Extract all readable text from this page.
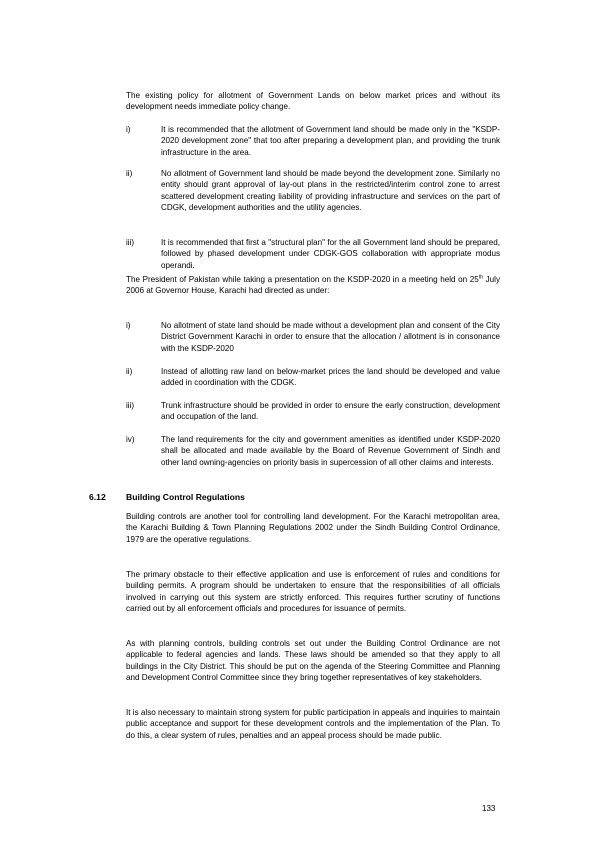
The existing policy for allotment of Government Lands on below market prices and without its development needs immediate policy change.
i)	It is recommended that the allotment of Government land should be made only in the "KSDP-2020 development zone" that too after preparing a development plan, and providing the trunk infrastructure in the area.
ii)	No allotment of Government land should be made beyond the development zone. Similarly no entity should grant approval of lay-out plans in the restricted/interim control zone to arrest scattered development creating liability of providing infrastructure and services on the part of CDGK, development authorities and the utility agencies.
iii)	It is recommended that first a "structural plan" for the all Government land should be prepared, followed by phased development under CDGK-GOS collaboration with appropriate modus operandi.
The President of Pakistan while taking a presentation on the KSDP-2020 in a meeting held on 25th July 2006 at Governor House, Karachi had directed as under:
i)	No allotment of state land should be made without a development plan and consent of the City District Government Karachi in order to ensure that the allocation / allotment is in consonance with the KSDP-2020
ii)	Instead of allotting raw land on below-market prices the land should be developed and value added in coordination with the CDGK.
iii)	Trunk infrastructure should be provided in order to ensure the early construction, development and occupation of the land.
iv)	The land requirements for the city and government amenities as identified under KSDP-2020 shall be allocated and made available by the Board of Revenue Government of Sindh and other land owning-agencies on priority basis in supercession of all other claims and interests.
6.12 Building Control Regulations
Building controls are another tool for controlling land development. For the Karachi metropolitan area, the Karachi Building & Town Planning Regulations 2002 under the Sindh Building Control Ordinance, 1979 are the operative regulations.
The primary obstacle to their effective application and use is enforcement of rules and conditions for building permits. A program should be undertaken to ensure that the responsibilities of all officials involved in carrying out this system are strictly enforced. This requires further scrutiny of functions carried out by all enforcement officials and procedures for issuance of permits.
As with planning controls, building controls set out under the Building Control Ordinance are not applicable to federal agencies and lands. These laws should be amended so that they apply to all buildings in the City District. This should be put on the agenda of the Steering Committee and Planning and Development Control Committee since they bring together representatives of key stakeholders.
It is also necessary to maintain strong system for public participation in appeals and inquiries to maintain public acceptance and support for these development controls and the implementation of the Plan. To do this, a clear system of rules, penalties and an appeal process should be made public.
133
